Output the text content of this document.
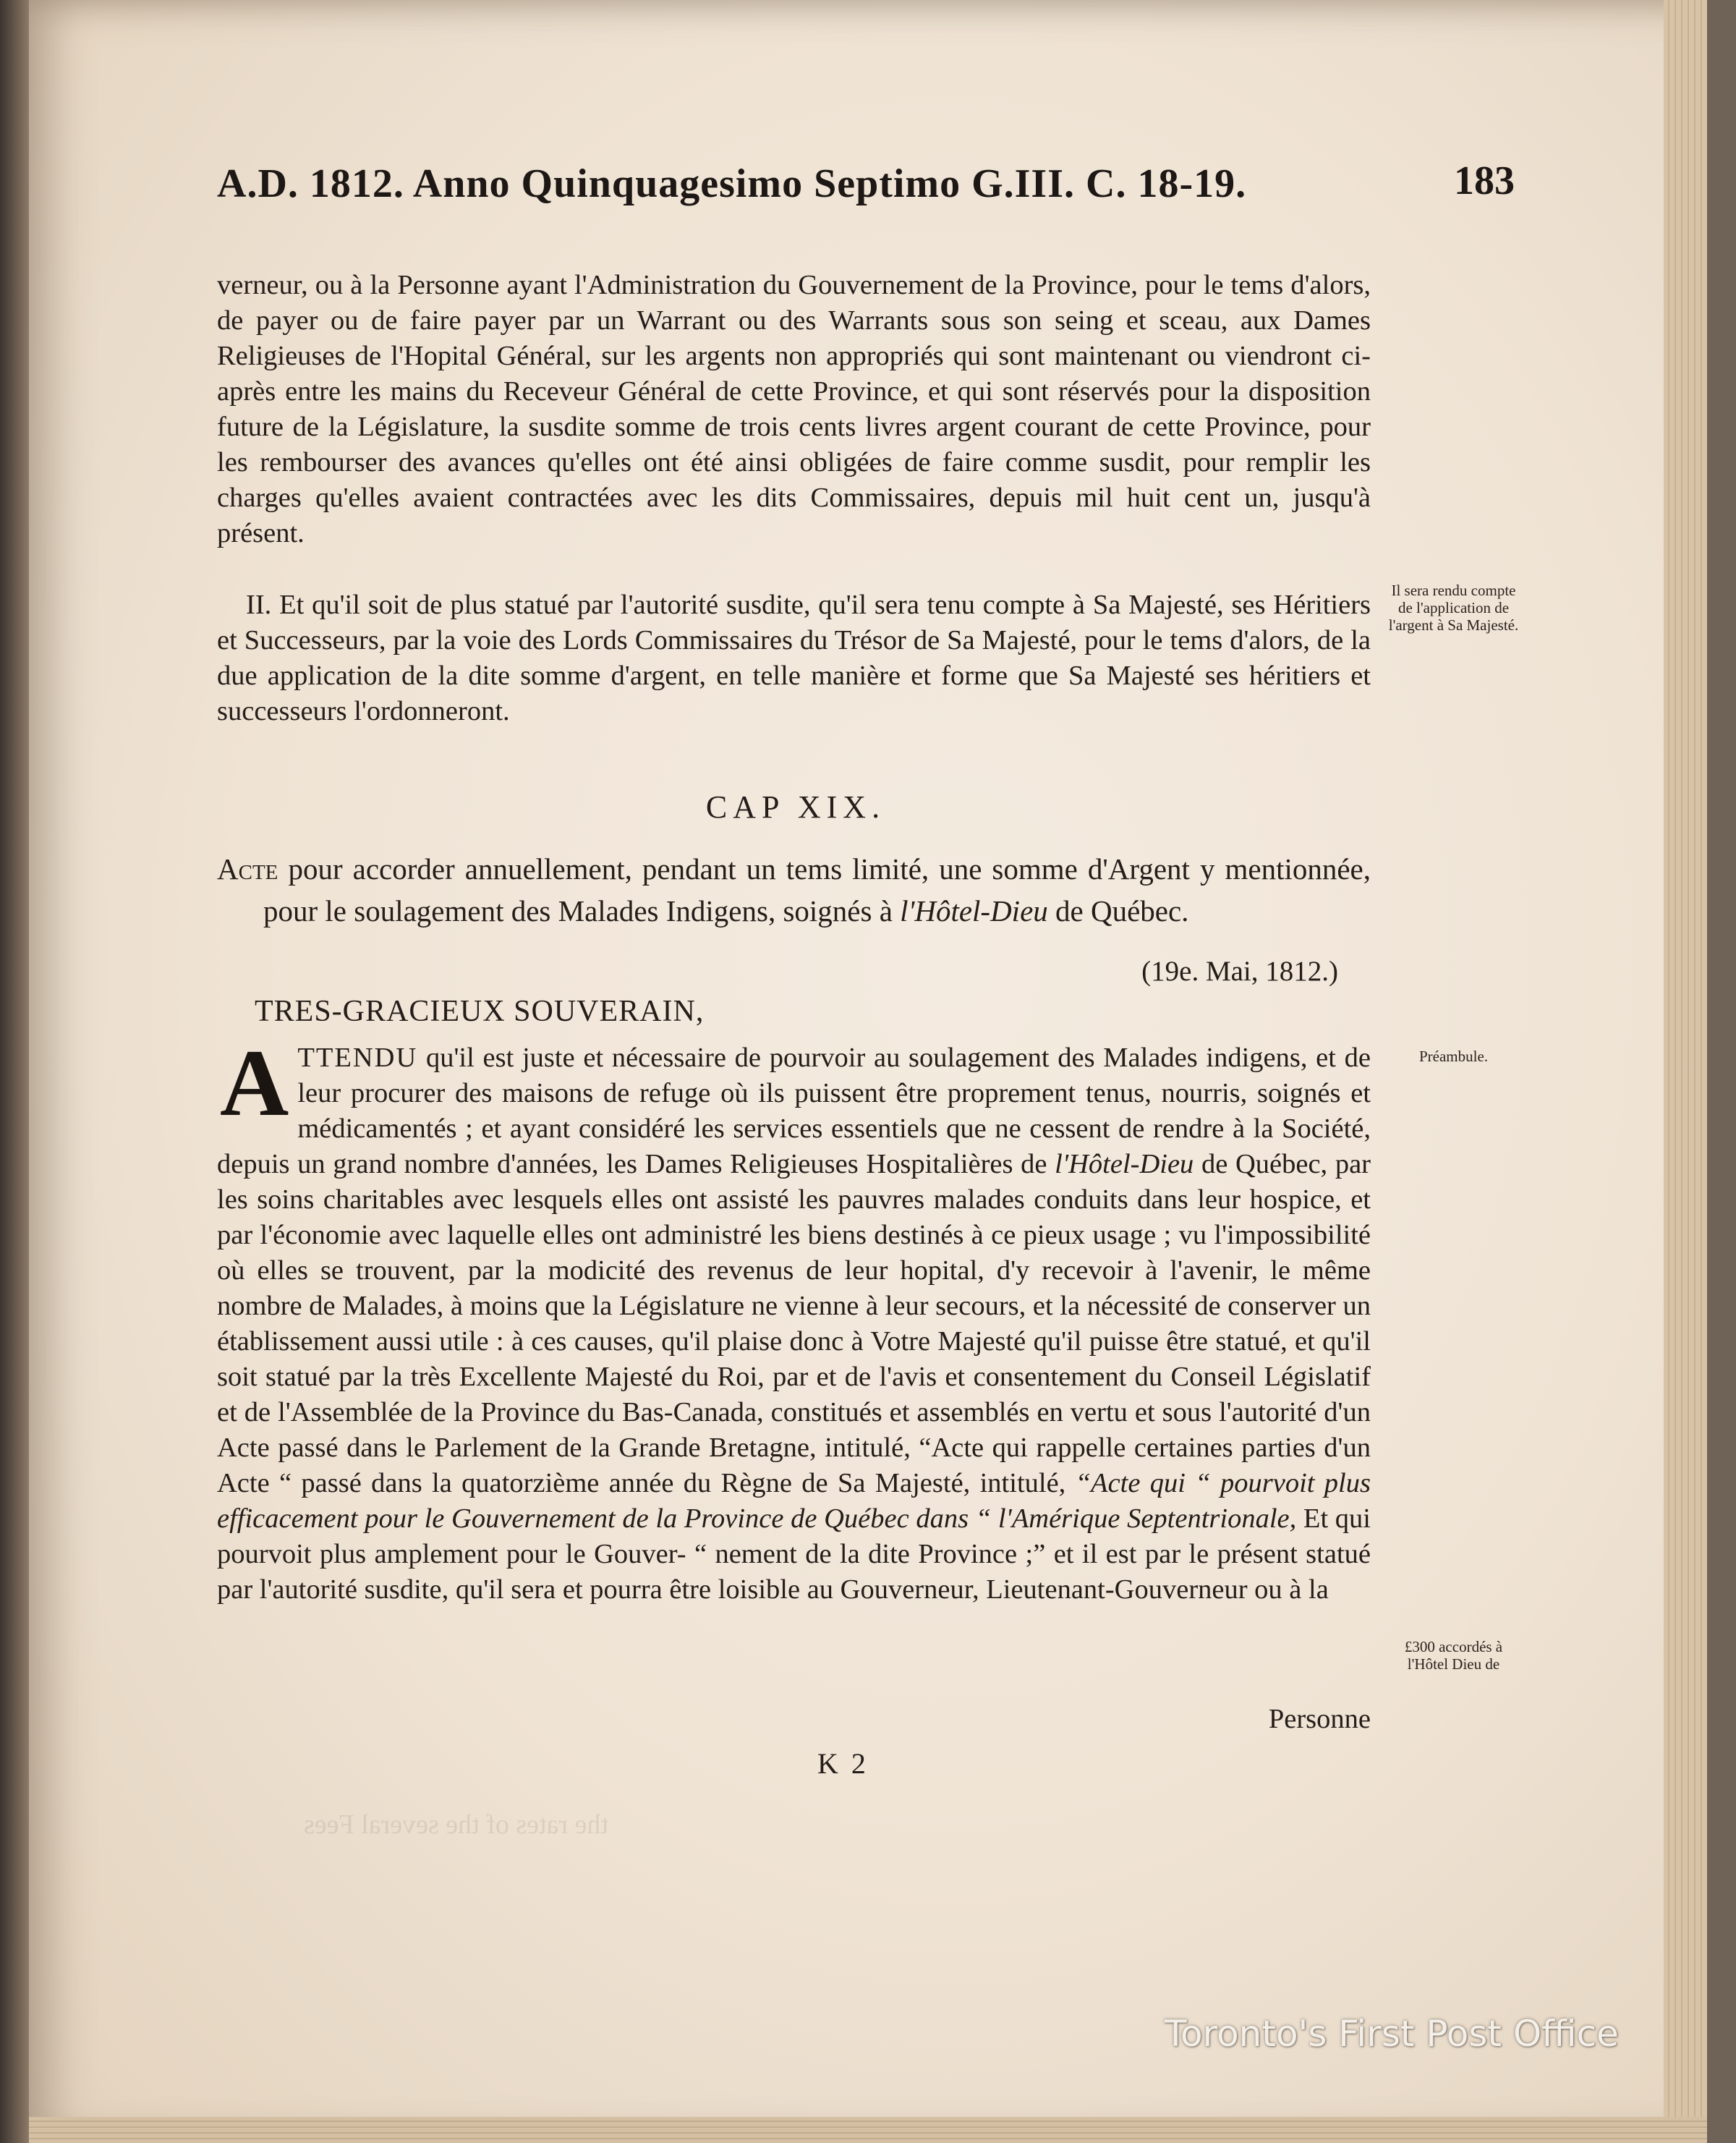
A.D. 1812. Anno Quinquagesimo Septimo G.III. C. 18-19.	183
verneur, ou à la Personne ayant l'Administration du Gouvernement de la Province, pour le tems d'alors, de payer ou de faire payer par un Warrant ou des Warrants sous son seing et sceau, aux Dames Religieuses de l'Hopital Général, sur les argents non appropriés qui sont maintenant ou viendront ci-après entre les mains du Receveur Général de cette Province, et qui sont réservés pour la disposition future de la Législature, la susdite somme de trois cents livres argent courant de cette Province, pour les rembourser des avances qu'elles ont été ainsi obligées de faire comme susdit, pour remplir les charges qu'elles avaient contractées avec les dits Commissaires, depuis mil huit cent un, jusqu'à présent.
II. Et qu'il soit de plus statué par l'autorité susdite, qu'il sera tenu compte à Sa Majesté, ses Héritiers et Successeurs, par la voie des Lords Commissaires du Trésor de Sa Majesté, pour le tems d'alors, de la due application de la dite somme d'argent, en telle manière et forme que Sa Majesté ses héritiers et successeurs l'ordonneront.
Il sera rendu compte de l'application de l'argent à Sa Majesté.
CAP XIX.
Acte pour accorder annuellement, pendant un tems limité, une somme d'Argent y mentionnée, pour le soulagement des Malades Indigens, soignés à l'Hôtel-Dieu de Québec.
(19e. Mai, 1812.)
TRES-GRACIEUX SOUVERAIN,
A TTENDU qu'il est juste et nécessaire de pourvoir au soulagement des Malades indigens, et de leur procurer des maisons de refuge où ils puissent être proprement tenus, nourris, soignés et médicamentés ; et ayant considéré les services essentiels que ne cessent de rendre à la Société, depuis un grand nombre d'années, les Dames Religieuses Hospitalières de l'Hôtel-Dieu de Québec, par les soins charitables avec lesquels elles ont assisté les pauvres malades conduits dans leur hospice, et par l'économie avec laquelle elles ont administré les biens destinés à ce pieux usage ; vu l'impossibilité où elles se trouvent, par la modicité des revenus de leur hopital, d'y recevoir à l'avenir, le même nombre de Malades, à moins que la Législature ne vienne à leur secours, et la nécessité de conserver un établissement aussi utile : à ces causes, qu'il plaise donc à Votre Majesté qu'il puisse être statué, et qu'il soit statué par la très Excellente Majesté du Roi, par et de l'avis et consentement du Conseil Législatif et de l'Assemblée de la Province du Bas-Canada, constitués et assemblés en vertu et sous l'autorité d'un Acte passé dans le Parlement de la Grande Bretagne, intitulé, “Acte qui rappelle certaines parties d'un Acte “ passé dans la quatorzième année du Règne de Sa Majesté, intitulé, “Acte qui “ pourvoit plus efficacement pour le Gouvernement de la Province de Québec dans “ l'Amérique Septentrionale, Et qui pourvoit plus amplement pour le Gouver- “ nement de la dite Province ;” et il est par le présent statué par l'autorité susdite, qu'il sera et pourra être loisible au Gouverneur, Lieutenant-Gouverneur ou à la
Personne
Préambule.
£300 accordés à l'Hôtel Dieu de
K 2
Toronto's First Post Office
